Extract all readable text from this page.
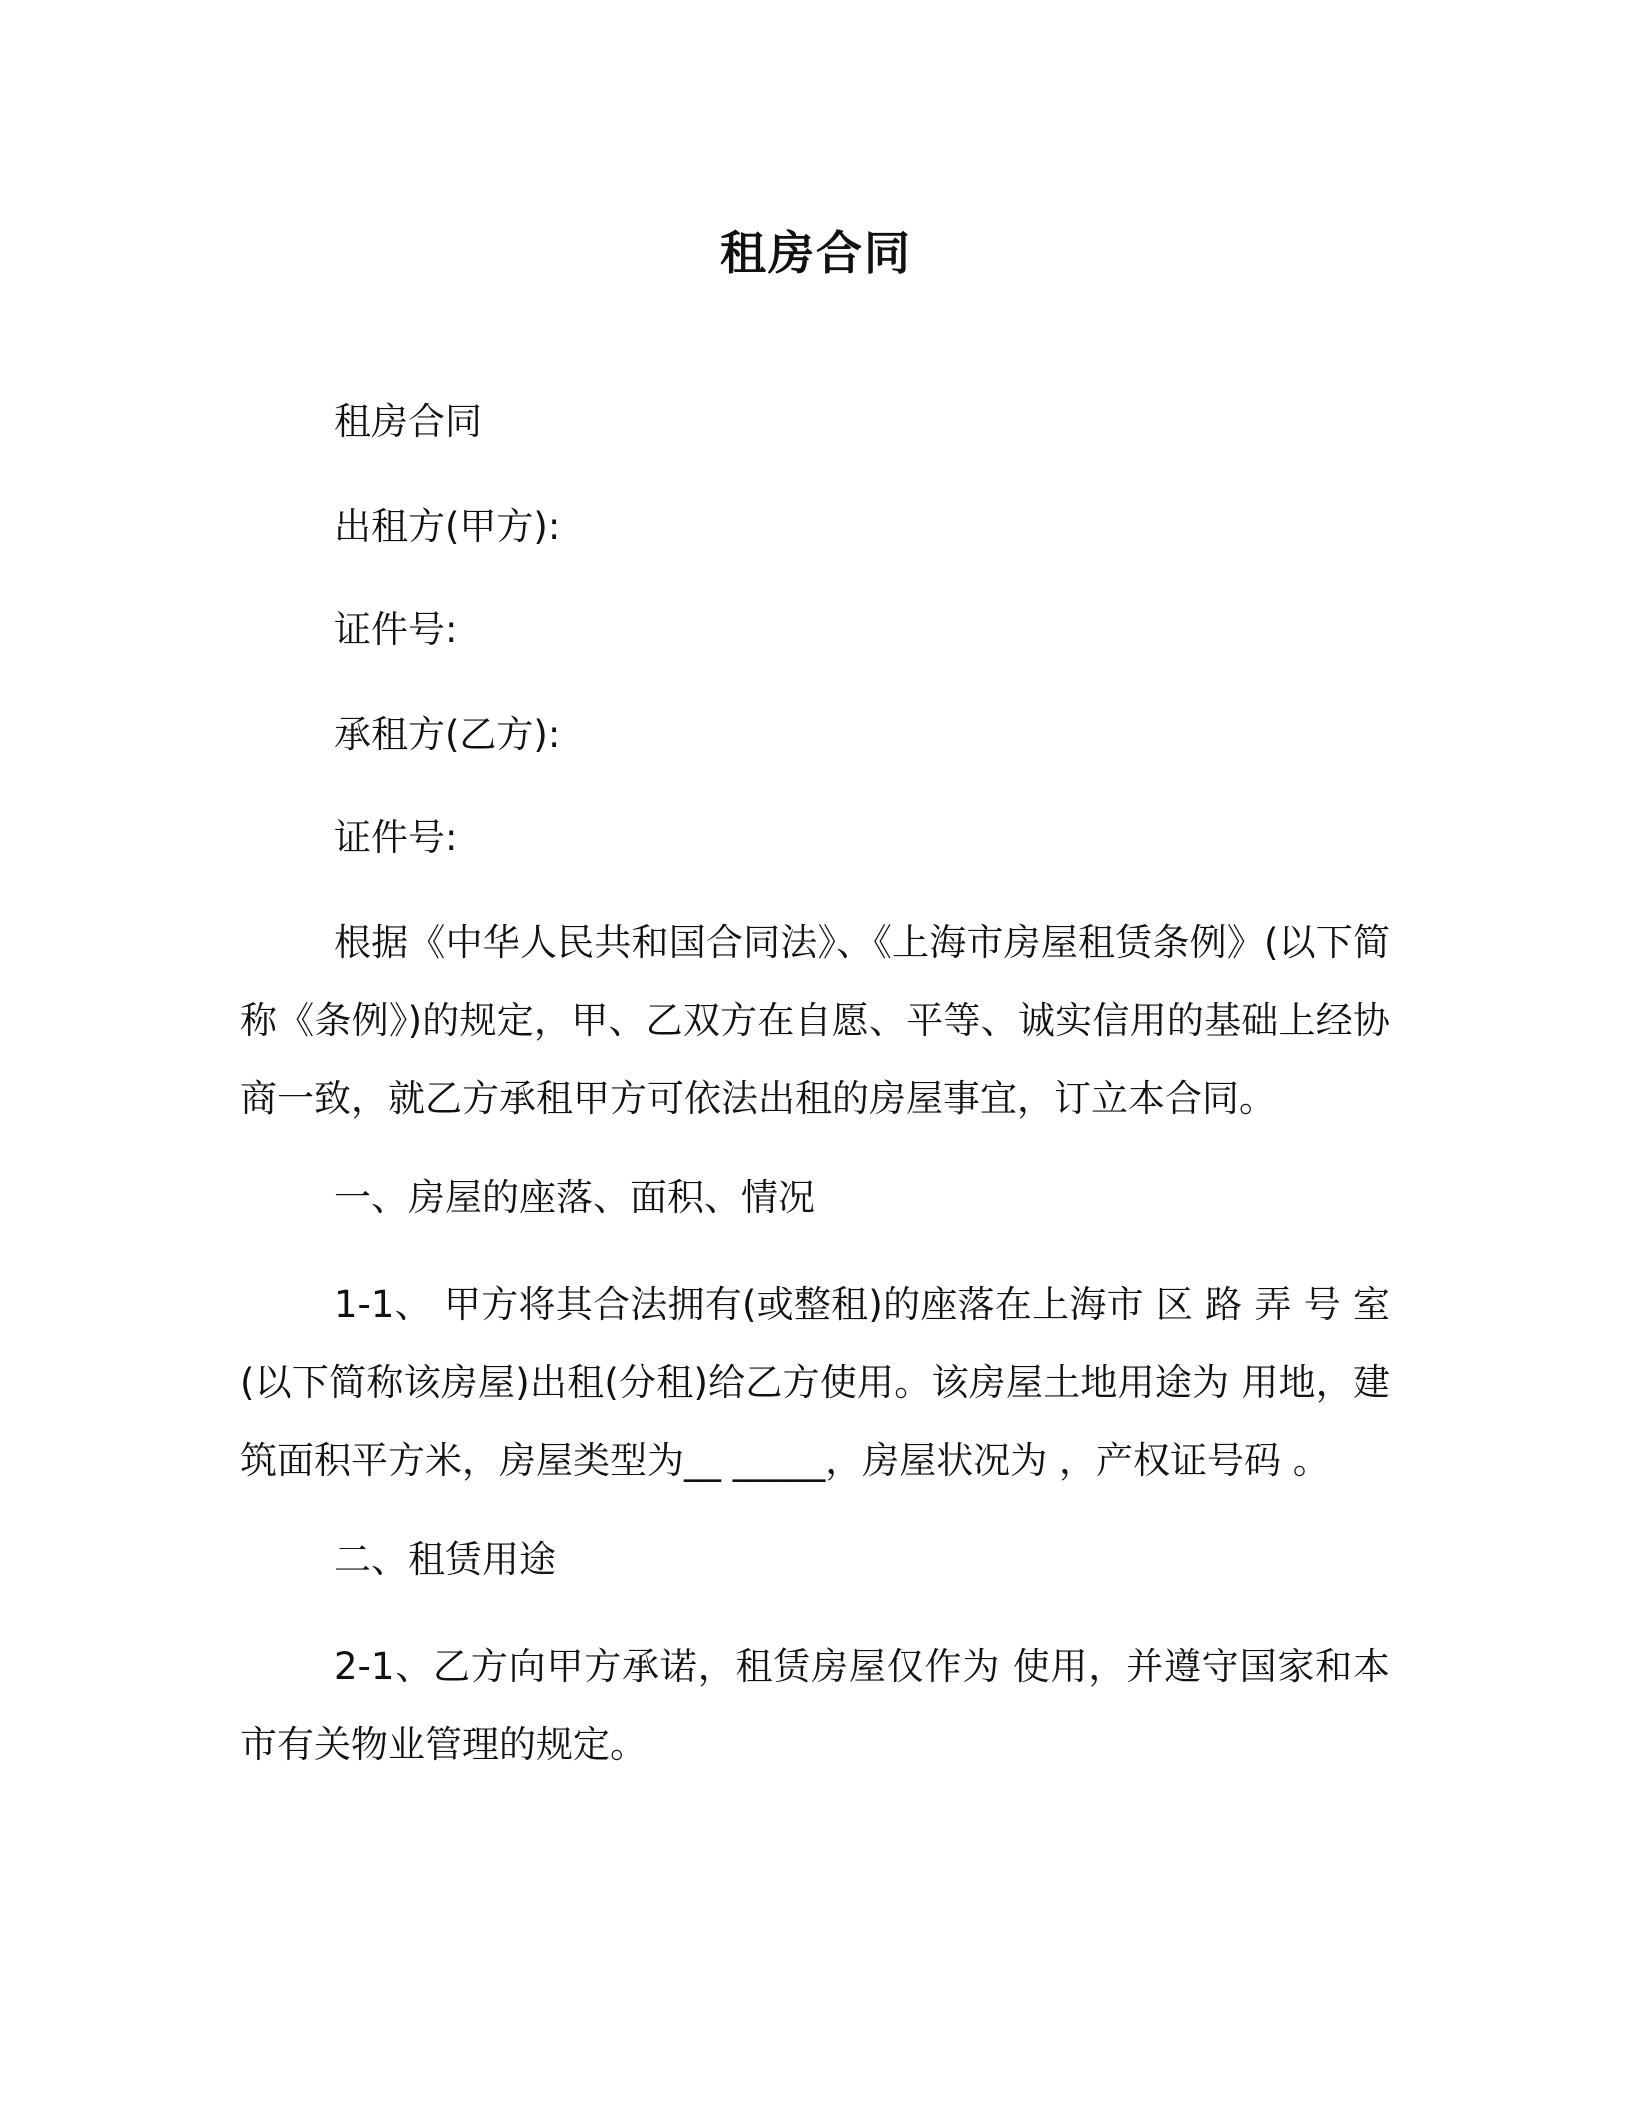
租房合同
租房合同
出租方(甲方):
证件号:
承租方(乙方):
证件号:

根据《中华人民共和国合同法》、《上海市房屋租赁条例》(以下简称《条例》)的规定，甲、乙双方在自愿、平等、诚实信用的基础上经协商一致，就乙方承租甲方可依法出租的房屋事宜，订立本合同。

一、房屋的座落、面积、情况

1-1、 甲方将其合法拥有(或整租)的座落在上海市 区 路 弄 号 室(以下简称该房屋)出租(分租)给乙方使用。该房屋土地用途为 用地，建筑面积平方米，房屋类型为__ _____，房屋状况为 ，产权证号码 。

二、租赁用途

2-1、乙方向甲方承诺，租赁房屋仅作为 使用，并遵守国家和本市有关物业管理的规定。
